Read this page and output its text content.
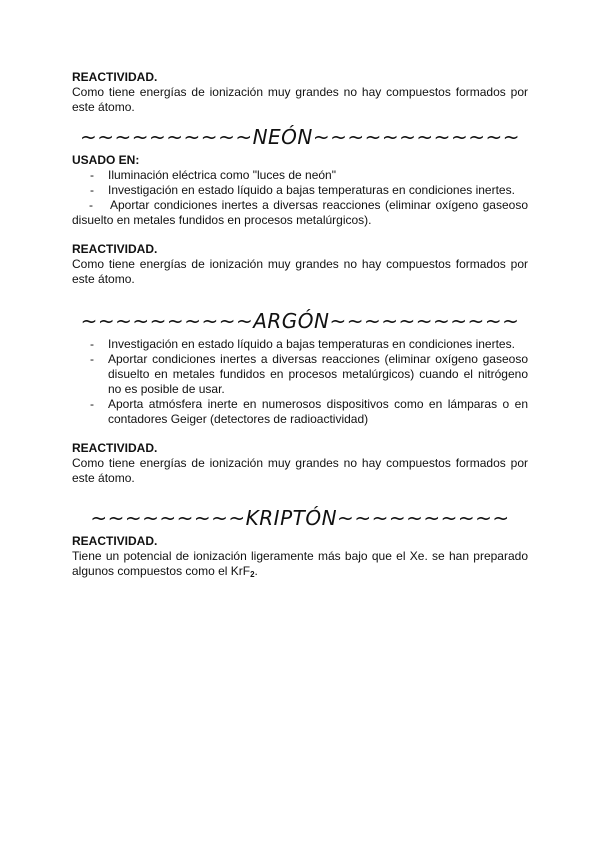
REACTIVIDAD.

Como tiene energías de ionización muy grandes no hay compuestos formados por este átomo.

~~~~~~~~~~NEÓN~~~~~~~~~~~~

USADO EN:

- Iluminación eléctrica como "luces de neón"
- Investigación en estado líquido a bajas temperaturas en condiciones inertes.

- Aportar condiciones inertes a diversas reacciones (eliminar oxígeno gaseoso disuelto en metales fundidos en procesos metalúrgicos).

REACTIVIDAD.

Como tiene energías de ionización muy grandes no hay compuestos formados por este átomo.

~~~~~~~~~~ARGÓN~~~~~~~~~~~
- Investigación en estado líquido a bajas temperaturas en condiciones inertes.
- Aportar condiciones inertes a diversas reacciones (eliminar oxígeno gaseoso disuelto en metales fundidos en procesos metalúrgicos) cuando el nitrógeno no es posible de usar.
- Aporta atmósfera inerte en numerosos dispositivos como en lámparas o en contadores Geiger (detectores de radioactividad)

REACTIVIDAD.

Como tiene energías de ionización muy grandes no hay compuestos formados por este átomo.

~~~~~~~~~KRIPTÓN~~~~~~~~~~

REACTIVIDAD.

Tiene un potencial de ionización ligeramente más bajo que el Xe. se han preparado algunos compuestos como el KrF$_2$.
